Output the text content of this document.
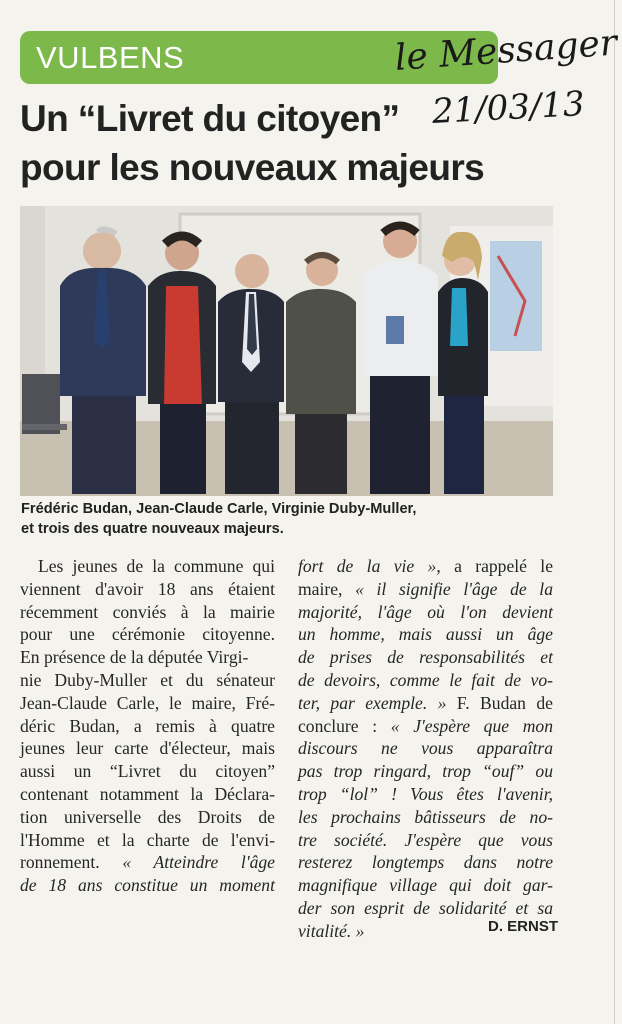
VULBENS	le Messager
21/03/13
Un “Livret du citoyen”
pour les nouveaux majeurs
Frédéric Budan, Jean-Claude Carle, Virginie Duby-Muller,
et trois des quatre nouveaux majeurs.
Les jeunes de la commune qui
viennent d'avoir 18 ans étaient
récemment conviés à la mairie
pour une cérémonie citoyenne.
En présence de la députée Virgi-
nie Duby-Muller et du sénateur
Jean-Claude Carle, le maire, Fré-
déric Budan, a remis à quatre
jeunes leur carte d'électeur, mais
aussi un “Livret du citoyen”
contenant notamment la Déclara-
tion universelle des Droits de
l'Homme et la charte de l'envi-
ronnement. « Atteindre l'âge
de 18 ans constitue un moment
fort de la vie », a rappelé le
maire, « il signifie l'âge de la
majorité, l'âge où l'on devient
un homme, mais aussi un âge
de prises de responsabilités et
de devoirs, comme le fait de vo-
ter, par exemple. » F. Budan de
conclure : « J'espère que mon
discours ne vous apparaîtra
pas trop ringard, trop “ouf” ou
trop “lol” ! Vous êtes l'avenir,
les prochains bâtisseurs de no-
tre société. J'espère que vous
resterez longtemps dans notre
magnifique village qui doit gar-
der son esprit de solidarité et sa
vitalité. »	D. ERNST
